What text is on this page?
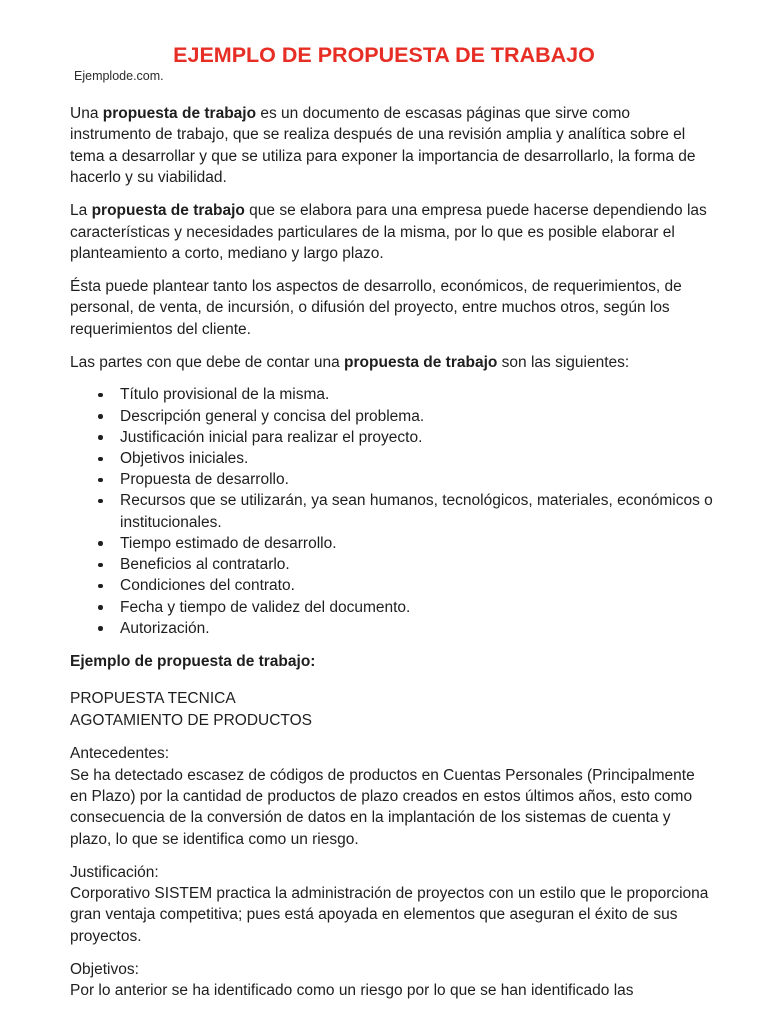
EJEMPLO DE PROPUESTA DE TRABAJO
Ejemplode.com.

Una propuesta de trabajo es un documento de escasas páginas que sirve como instrumento de trabajo, que se realiza después de una revisión amplia y analítica sobre el tema a desarrollar y que se utiliza para exponer la importancia de desarrollarlo, la forma de hacerlo y su viabilidad.

La propuesta de trabajo que se elabora para una empresa puede hacerse dependiendo las características y necesidades particulares de la misma, por lo que es posible elaborar el planteamiento a corto, mediano y largo plazo.

Ésta puede plantear tanto los aspectos de desarrollo, económicos, de requerimientos, de personal, de venta, de incursión, o difusión del proyecto, entre muchos otros, según los requerimientos del cliente.

Las partes con que debe de contar una propuesta de trabajo son las siguientes:

Título provisional de la misma.
Descripción general y concisa del problema.
Justificación inicial para realizar el proyecto.
Objetivos iniciales.
Propuesta de desarrollo.
Recursos que se utilizarán, ya sean humanos, tecnológicos, materiales, económicos o institucionales.
Tiempo estimado de desarrollo.
Beneficios al contratarlo.
Condiciones del contrato.
Fecha y tiempo de validez del documento.
Autorización.

Ejemplo de propuesta de trabajo:

PROPUESTA TECNICA

AGOTAMIENTO DE PRODUCTOS

Antecedentes:

Se ha detectado escasez de códigos de productos en Cuentas Personales (Principalmente en Plazo) por la cantidad de productos de plazo creados en estos últimos años, esto como consecuencia de la conversión de datos en la implantación de los sistemas de cuenta y plazo, lo que se identifica como un riesgo.

Justificación:

Corporativo SISTEM practica la administración de proyectos con un estilo que le proporciona gran ventaja competitiva; pues está apoyada en elementos que aseguran el éxito de sus proyectos.

Objetivos:

Por lo anterior se ha identificado como un riesgo por lo que se han identificado las
